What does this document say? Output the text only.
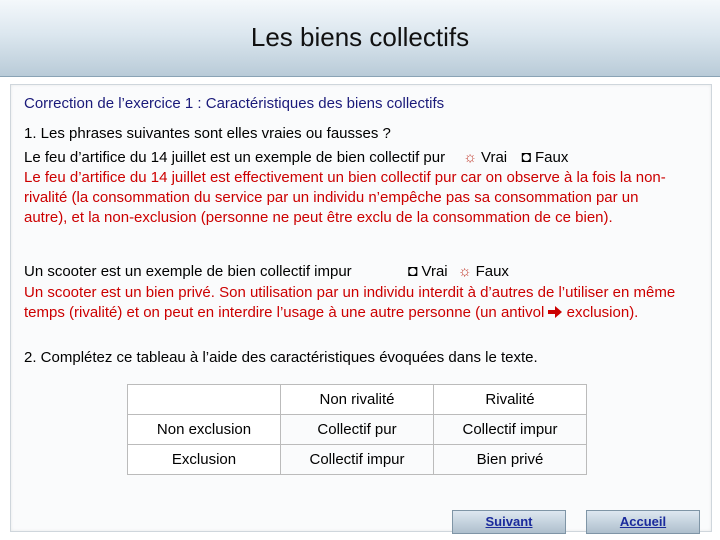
Les biens collectifs
Correction de l’exercice 1 : Caractéristiques des biens collectifs
1. Les phrases suivantes sont elles vraies ou fausses ?
Le feu d’artifice du 14 juillet est un exemple de bien collectif pur ☼ Vrai ◘ Faux
Le feu d’artifice du 14 juillet est effectivement un bien collectif pur car on observe à la fois la non-rivalité (la consommation du service par un individu n’empêche pas sa consommation par un autre), et la non-exclusion (personne ne peut être exclu de la consommation de ce bien).
Un scooter est un exemple de bien collectif impur	◘ Vrai ☼ Faux
Un scooter est un bien privé. Son utilisation par un individu interdit à d’autres de l’utiliser en même temps (rivalité) et on peut en interdire l’usage à une autre personne (un antivol exclusion).
2. Complétez ce tableau à l’aide des caractéristiques évoquées dans le texte.
	Non rivalité	Rivalité
Non exclusion	Collectif pur	Collectif impur
Exclusion	Collectif impur	Bien privé
Suivant	Accueil
